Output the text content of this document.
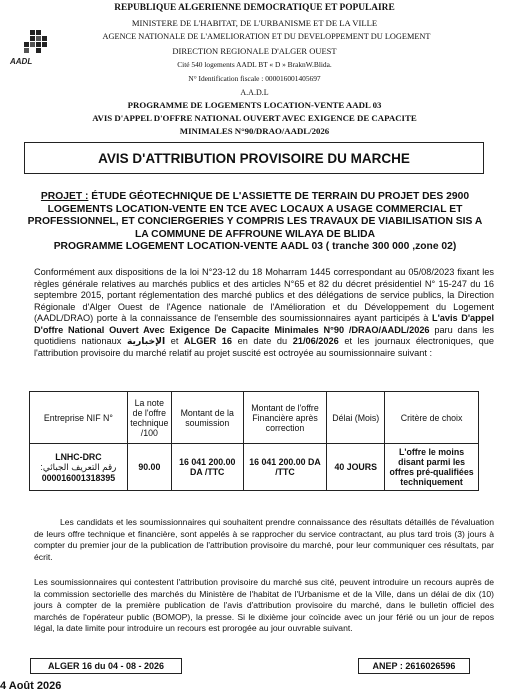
AADL
REPUBLIQUE ALGERIENNE DEMOCRATIQUE ET POPULAIRE
MINISTERE DE L'HABITAT, DE L'URBANISME ET DE LA VILLE
AGENCE NATIONALE DE L'AMELIORATION ET DU DEVELOPPEMENT DU LOGEMENT
DIRECTION REGIONALE D'ALGER OUEST
Cité 540 logements AADL BT « D » BraknW.Blida.
N° Identification fiscale : 000016001405697
A.A.D.L
PROGRAMME DE LOGEMENTS LOCATION-VENTE AADL 03
AVIS D'APPEL D'OFFRE NATIONAL OUVERT AVEC EXIGENCE DE CAPACITE
MINIMALES N°90/DRAO/AADL/2026
AVIS D'ATTRIBUTION PROVISOIRE DU MARCHE
PROJET : ÉTUDE GÉOTECHNIQUE DE L'ASSIETTE DE TERRAIN DU PROJET DES 2900 LOGEMENTS LOCATION-VENTE EN TCE AVEC LOCAUX A USAGE COMMERCIAL ET PROFESSIONNEL, ET CONCIERGERIES Y COMPRIS LES TRAVAUX DE VIABILISATION SIS A LA COMMUNE DE AFFROUNE WILAYA DE BLIDA
PROGRAMME LOGEMENT LOCATION-VENTE AADL 03 ( tranche 300 000 ,zone 02)
Conformément aux dispositions de la loi N°23-12 du 18 Moharram 1445 correspondant au 05/08/2023 fixant les règles générale relatives au marchés publics et des articles N°65 et 82 du décret présidentiel N° 15-247 du 16 septembre 2015, portant réglementation des marché publics et des délégations de service publics, la Direction Régionale d'Alger Ouest de l'Agence nationale de l'Amélioration et du Développement du Logement (AADL/DRAO) porte à la connaissance de l'ensemble des soumissionnaires ayant participés à L'avis D'appel D'offre National Ouvert Avec Exigence De Capacite Minimales N°90 /DRAO/AADL/2026 paru dans les quotidiens nationaux الإخبارية et ALGER 16 en date du 21/06/2026 et les journaux électroniques, que l'attribution provisoire du marché relatif au projet suscité est octroyée au soumissionnaire suivant :
Entreprise NIF N°	La note de l'offre technique /100	Montant de la soumission	Montant de l'offre Financière après correction	Délai (Mois)	Critère de choix

LNHC-DRC
رقم التعريف الجبائي:
000016001318395	90.00	16 041 200.00 DA /TTC	16 041 200.00 DA /TTC	40 JOURS	L'offre le moins disant parmi les offres pré-qualifiées techniquement
Les candidats et les soumissionnaires qui souhaitent prendre connaissance des résultats détaillés de l'évaluation de leurs offre technique et financière, sont appelés à se rapprocher du service contractant, au plus tard trois (3) jours à compter du premier jour de la publication de l'attribution provisoire du marché, pour leur communiquer ces résultats, par écrit.
Les soumissionnaires qui contestent l'attribution provisoire du marché sus cité, peuvent introduire un recours auprès de la commission sectorielle des marchés du Ministère de l'habitat de l'Urbanisme et de la Ville, dans un délai de dix (10) jours à compter de la première publication de l'avis d'attribution provisoire du marché, dans le bulletin officiel des marchés de l'opérateur public (BOMOP), la presse. Si le dixième jour coïncide avec un jour férié ou un jour de repos légal, la date limite pour introduire un recours est prorogée au jour ouvrable suivant.
ALGER 16 du 04 - 08 - 2026	ANEP : 2616026596
4 Août 2026
